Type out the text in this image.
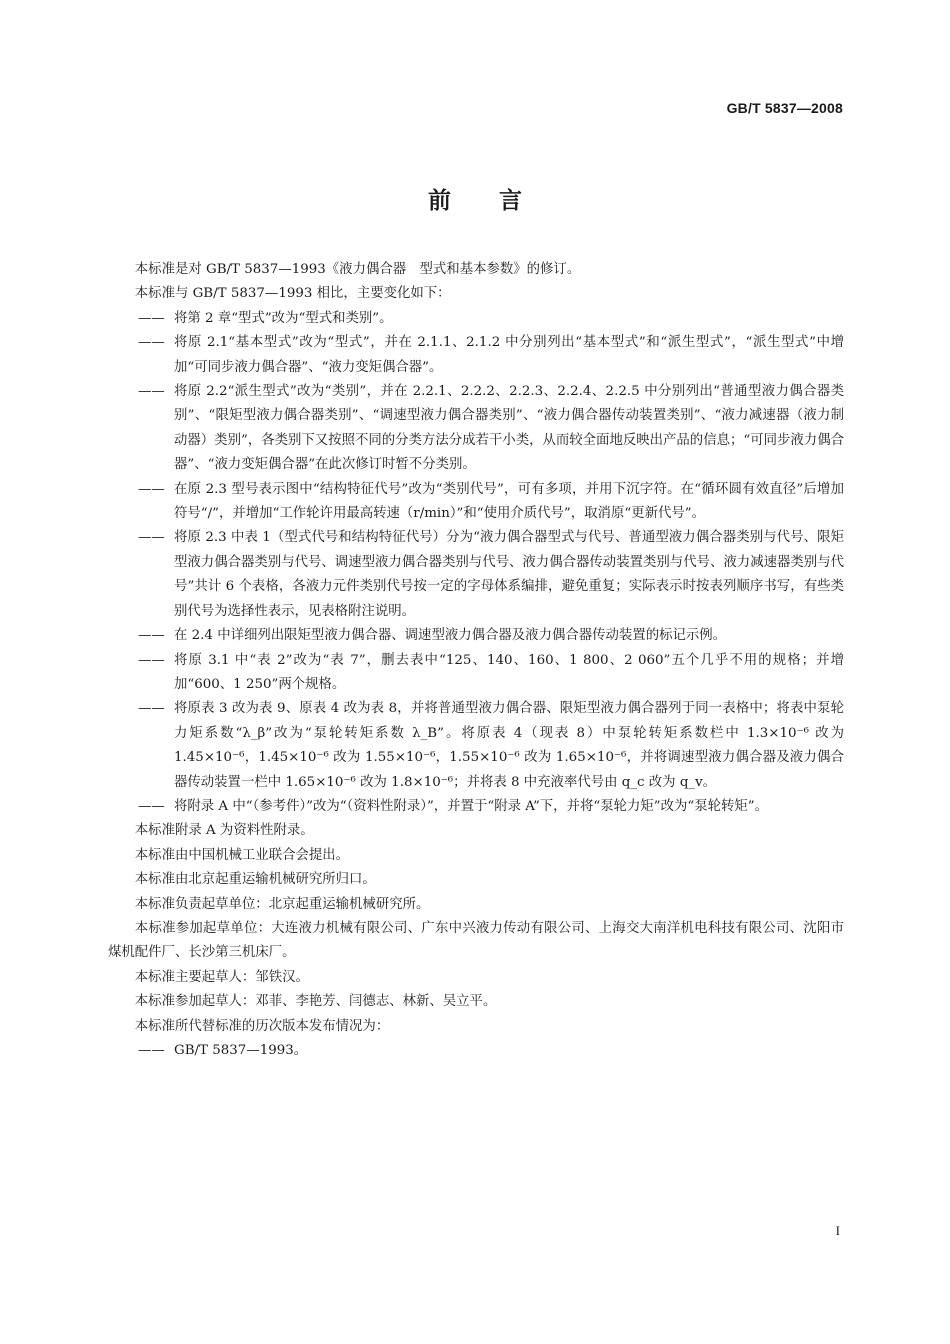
GB/T 5837—2008
前言

本标准是对 GB/T 5837—1993《液力偶合器　型式和基本参数》的修订。

本标准与 GB/T 5837—1993 相比，主要变化如下：

—— 将第 2 章“型式”改为“型式和类别”。

—— 将原 2.1“基本型式”改为“型式”，并在 2.1.1、2.1.2 中分别列出“基本型式”和“派生型式”，“派生型式”中增加“可同步液力偶合器”、“液力变矩偶合器”。

—— 将原 2.2“派生型式”改为“类别”，并在 2.2.1、2.2.2、2.2.3、2.2.4、2.2.5 中分别列出“普通型液力偶合器类别”、“限矩型液力偶合器类别”、“调速型液力偶合器类别”、“液力偶合器传动装置类别”、“液力减速器（液力制动器）类别”，各类别下又按照不同的分类方法分成若干小类，从而较全面地反映出产品的信息；“可同步液力偶合器”、“液力变矩偶合器”在此次修订时暂不分类别。

—— 在原 2.3 型号表示图中“结构特征代号”改为“类别代号”，可有多项，并用下沉字符。在“循环圆有效直径”后增加符号“/”，并增加“工作轮许用最高转速（r/min）”和“使用介质代号”，取消原“更新代号”。

—— 将原 2.3 中表 1（型式代号和结构特征代号）分为“液力偶合器型式与代号、普通型液力偶合器类别与代号、限矩型液力偶合器类别与代号、调速型液力偶合器类别与代号、液力偶合器传动装置类别与代号、液力减速器类别与代号”共计 6 个表格，各液力元件类别代号按一定的字母体系编排，避免重复；实际表示时按表列顺序书写，有些类别代号为选择性表示，见表格附注说明。

—— 在 2.4 中详细列出限矩型液力偶合器、调速型液力偶合器及液力偶合器传动装置的标记示例。

—— 将原 3.1 中“表 2”改为“表 7”，删去表中“125、140、160、1 800、2 060”五个几乎不用的规格；并增加“600、1 250”两个规格。

—— 将原表 3 改为表 9、原表 4 改为表 8，并将普通型液力偶合器、限矩型液力偶合器列于同一表格中；将表中泵轮力矩系数“λ_β”改为“泵轮转矩系数 λ_B”。将原表 4（现表 8）中泵轮转矩系数栏中 1.3×10⁻⁶ 改为 1.45×10⁻⁶，1.45×10⁻⁶ 改为 1.55×10⁻⁶，1.55×10⁻⁶ 改为 1.65×10⁻⁶，并将调速型液力偶合器及液力偶合器传动装置一栏中 1.65×10⁻⁶ 改为 1.8×10⁻⁶；并将表 8 中充液率代号由 q_c 改为 q_v。

—— 将附录 A 中“（参考件）”改为“（资料性附录）”，并置于“附录 A”下，并将“泵轮力矩”改为“泵轮转矩”。

本标准附录 A 为资料性附录。

本标准由中国机械工业联合会提出。

本标准由北京起重运输机械研究所归口。

本标准负责起草单位：北京起重运输机械研究所。

本标准参加起草单位：大连液力机械有限公司、广东中兴液力传动有限公司、上海交大南洋机电科技有限公司、沈阳市煤机配件厂、长沙第三机床厂。

本标准主要起草人：邹铁汉。

本标准参加起草人：邓菲、李艳芳、闫德志、林新、吴立平。

本标准所代替标准的历次版本发布情况为：

—— GB/T 5837—1993。

I
